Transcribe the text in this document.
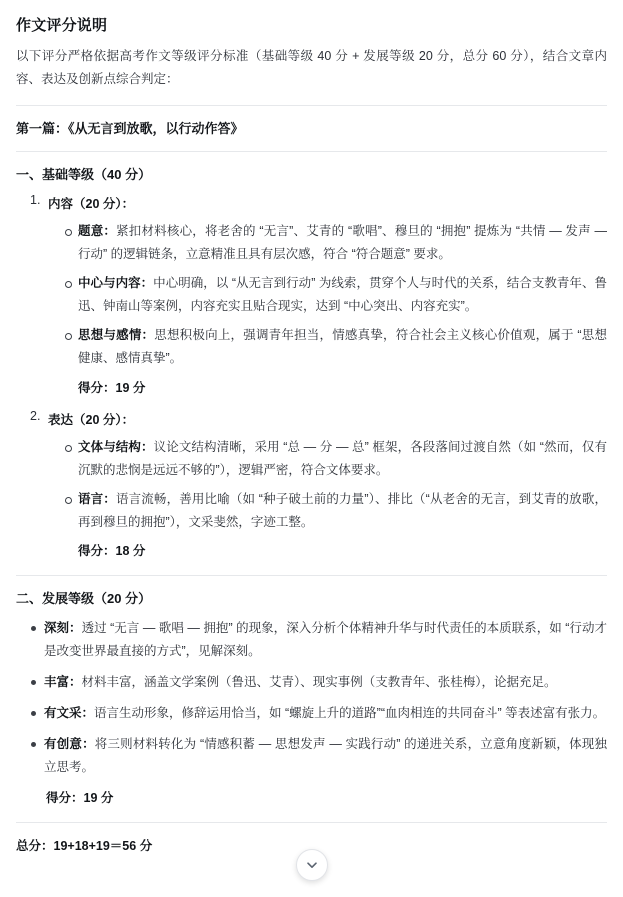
作文评分说明

以下评分严格依据高考作文等级评分标准（基础等级 40 分 + 发展等级 20 分，总分 60 分），结合文章内容、表达及创新点综合判定：

第一篇：《从无言到放歌，以行动作答》
一、基础等级（40 分）
内容（20 分）：
题意：紧扣材料核心，将老舍的 “无言”、艾青的 “歌唱”、穆旦的 “拥抱” 提炼为 “共情 — 发声 — 行动” 的逻辑链条，立意精准且具有层次感，符合 “符合题意” 要求。
中心与内容：中心明确，以 “从无言到行动” 为线索，贯穿个人与时代的关系，结合支教青年、鲁迅、钟南山等案例，内容充实且贴合现实，达到 “中心突出、内容充实”。
思想与感情：思想积极向上，强调青年担当，情感真挚，符合社会主义核心价值观，属于 “思想健康、感情真挚”。
得分：19 分
表达（20 分）：
文体与结构：议论文结构清晰，采用 “总 — 分 — 总” 框架，各段落间过渡自然（如 “然而，仅有沉默的悲悯是远远不够的”），逻辑严密，符合文体要求。
语言：语言流畅，善用比喻（如 “种子破土前的力量”）、排比（“从老舍的无言，到艾青的放歌，再到穆旦的拥抱”），文采斐然，字迹工整。
得分：18 分
二、发展等级（20 分）
深刻：透过 “无言 — 歌唱 — 拥抱” 的现象，深入分析个体精神升华与时代责任的本质联系，如 “行动才是改变世界最直接的方式”，见解深刻。
丰富：材料丰富，涵盖文学案例（鲁迅、艾青）、现实事例（支教青年、张桂梅），论据充足。
有文采：语言生动形象，修辞运用恰当，如 “螺旋上升的道路”“血肉相连的共同奋斗” 等表述富有张力。
有创意：将三则材料转化为 “情感积蓄 — 思想发声 — 实践行动” 的递进关系，立意角度新颖，体现独立思考。
得分：19 分
总分：19+18+19＝56 分
